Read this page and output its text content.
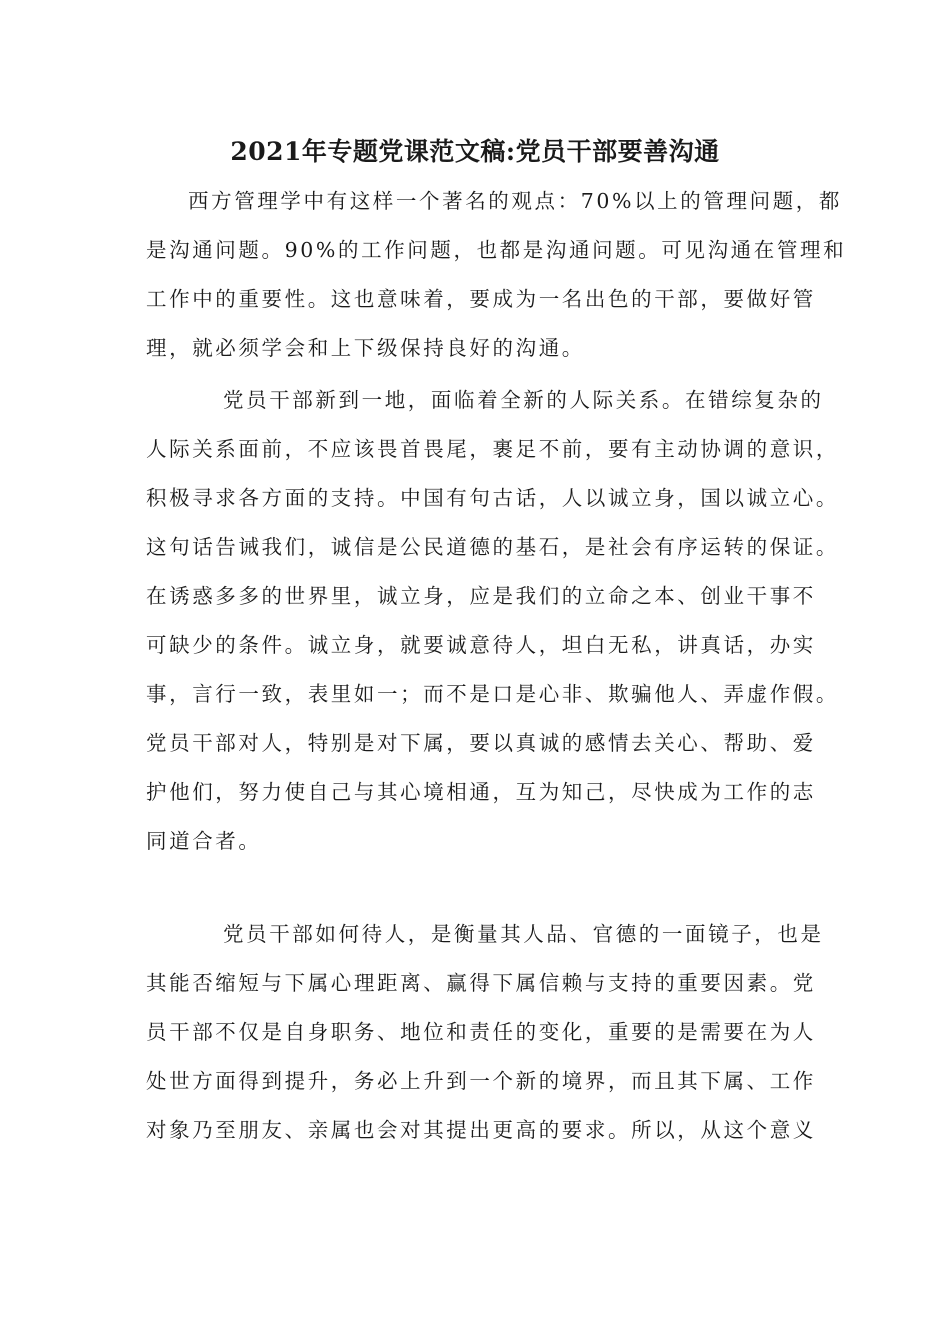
2021年专题党课范文稿:党员干部要善沟通
西方管理学中有这样一个著名的观点：70%以上的管理问题，都
是沟通问题。90%的工作问题，也都是沟通问题。可见沟通在管理和
工作中的重要性。这也意味着，要成为一名出色的干部，要做好管
理，就必须学会和上下级保持良好的沟通。
党员干部新到一地，面临着全新的人际关系。在错综复杂的
人际关系面前，不应该畏首畏尾，裹足不前，要有主动协调的意识，
积极寻求各方面的支持。中国有句古话，人以诚立身，国以诚立心。
这句话告诫我们，诚信是公民道德的基石，是社会有序运转的保证。
在诱惑多多的世界里，诚立身，应是我们的立命之本、创业干事不
可缺少的条件。诚立身，就要诚意待人，坦白无私，讲真话，办实
事，言行一致，表里如一；而不是口是心非、欺骗他人、弄虚作假。
党员干部对人，特别是对下属，要以真诚的感情去关心、帮助、爱
护他们，努力使自己与其心境相通，互为知己，尽快成为工作的志
同道合者。
党员干部如何待人，是衡量其人品、官德的一面镜子，也是
其能否缩短与下属心理距离、赢得下属信赖与支持的重要因素。党
员干部不仅是自身职务、地位和责任的变化，重要的是需要在为人
处世方面得到提升，务必上升到一个新的境界，而且其下属、工作
对象乃至朋友、亲属也会对其提出更高的要求。所以，从这个意义
